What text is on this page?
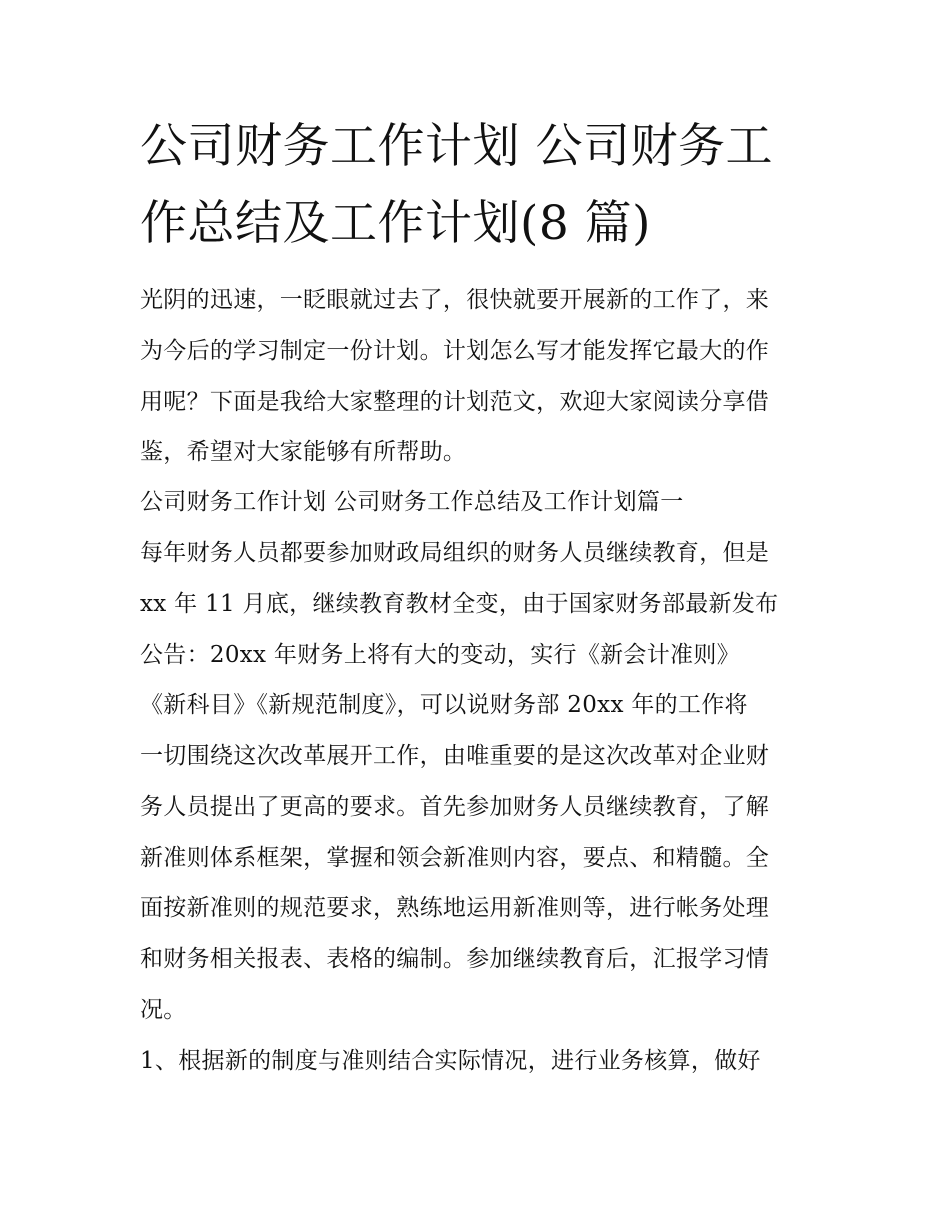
公司财务工作计划 公司财务工
作总结及工作计划(8 篇)
光阴的迅速，一眨眼就过去了，很快就要开展新的工作了，来
为今后的学习制定一份计划。计划怎么写才能发挥它最大的作
用呢？下面是我给大家整理的计划范文，欢迎大家阅读分享借
鉴，希望对大家能够有所帮助。
公司财务工作计划 公司财务工作总结及工作计划篇一
每年财务人员都要参加财政局组织的财务人员继续教育，但是
xx 年 11 月底，继续教育教材全变，由于国家财务部最新发布
公告：20xx 年财务上将有大的变动，实行《新会计准则》
《新科目》《新规范制度》，可以说财务部 20xx 年的工作将
一切围绕这次改革展开工作，由唯重要的是这次改革对企业财
务人员提出了更高的要求。首先参加财务人员继续教育，了解
新准则体系框架，掌握和领会新准则内容，要点、和精髓。全
面按新准则的规范要求，熟练地运用新准则等，进行帐务处理
和财务相关报表、表格的编制。参加继续教育后，汇报学习情
况。
1、根据新的制度与准则结合实际情况，进行业务核算，做好
